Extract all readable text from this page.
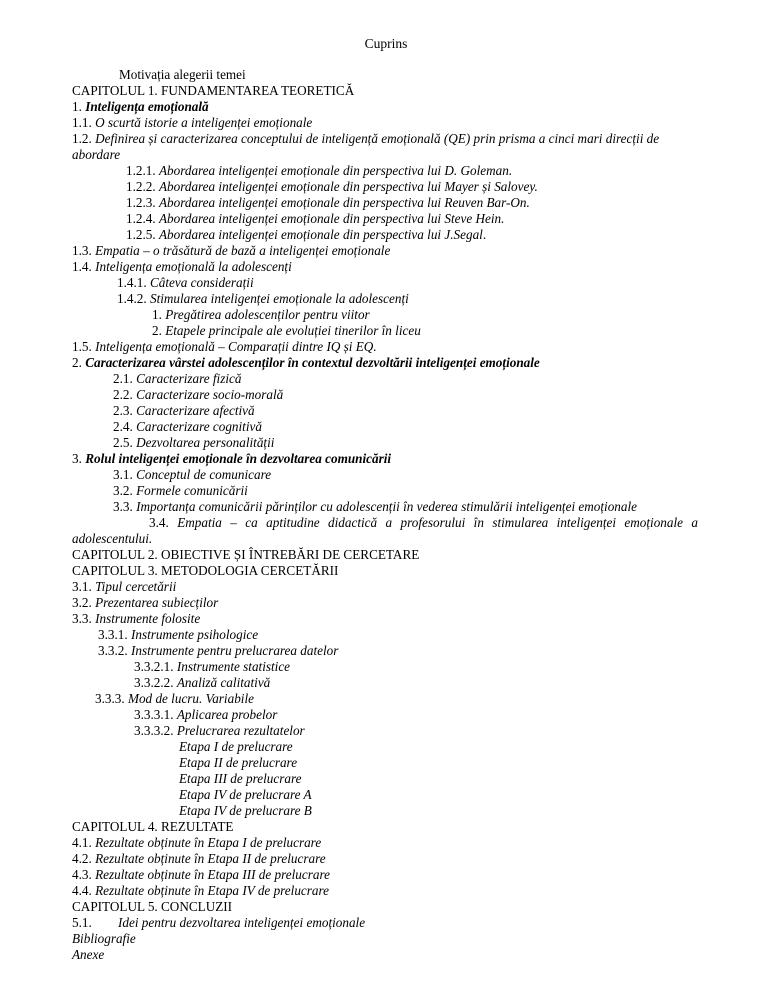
Cuprins
Motivația alegerii temei
CAPITOLUL 1. FUNDAMENTAREA TEORETICĂ
1. Inteligența emoțională
1.1. O scurtă istorie a inteligenței emoționale
1.2. Definirea și caracterizarea conceptului de inteligență emoțională (QE) prin prisma a cinci mari direcții de
abordare
1.2.1. Abordarea inteligenței emoționale din perspectiva lui D. Goleman.
1.2.2. Abordarea inteligenței emoționale din perspectiva lui Mayer și Salovey.
1.2.3. Abordarea inteligenței emoționale din perspectiva lui Reuven Bar-On.
1.2.4. Abordarea inteligenței emoționale din perspectiva lui Steve Hein.
1.2.5. Abordarea inteligenței emoționale din perspectiva lui J.Segal.
1.3. Empatia – o trăsătură de bază a inteligenței emoționale
1.4. Inteligența emoțională la adolescenți
1.4.1. Câteva considerații
1.4.2. Stimularea inteligenței emoționale la adolescenți
1. Pregătirea adolescenților pentru viitor
2. Etapele principale ale evoluției tinerilor în liceu
1.5. Inteligența emoțională – Comparații dintre IQ și EQ.
2. Caracterizarea vârstei adolescenților în contextul dezvoltării inteligenței emoționale
2.1. Caracterizare fizică
2.2. Caracterizare socio-morală
2.3. Caracterizare afectivă
2.4. Caracterizare cognitivă
2.5. Dezvoltarea personalității
3. Rolul inteligenței emoționale în dezvoltarea comunicării
3.1. Conceptul de comunicare
3.2. Formele comunicării
3.3. Importanța comunicării părinților cu adolescenții în vederea stimulării inteligenței emoționale
3.4. Empatia – ca aptitudine didactică a profesorului în stimularea inteligenței emoționale a
adolescentului.
CAPITOLUL 2. OBIECTIVE ȘI ÎNTREBĂRI DE CERCETARE
CAPITOLUL 3. METODOLOGIA CERCETĂRII
3.1. Tipul cercetării
3.2. Prezentarea subiecților
3.3. Instrumente folosite
3.3.1. Instrumente psihologice
3.3.2. Instrumente pentru prelucrarea datelor
3.3.2.1. Instrumente statistice
3.3.2.2. Analiză calitativă
3.3.3. Mod de lucru. Variabile
3.3.3.1. Aplicarea probelor
3.3.3.2. Prelucrarea rezultatelor
Etapa I de prelucrare
Etapa II de prelucrare
Etapa III de prelucrare
Etapa IV de prelucrare A
Etapa IV de prelucrare B
CAPITOLUL 4. REZULTATE
4.1. Rezultate obținute în Etapa I de prelucrare
4.2. Rezultate obținute în Etapa II de prelucrare
4.3. Rezultate obținute în Etapa III de prelucrare
4.4. Rezultate obținute în Etapa IV de prelucrare
CAPITOLUL 5. CONCLUZII
5.1. Idei pentru dezvoltarea inteligenței emoționale
Bibliografie
Anexe
